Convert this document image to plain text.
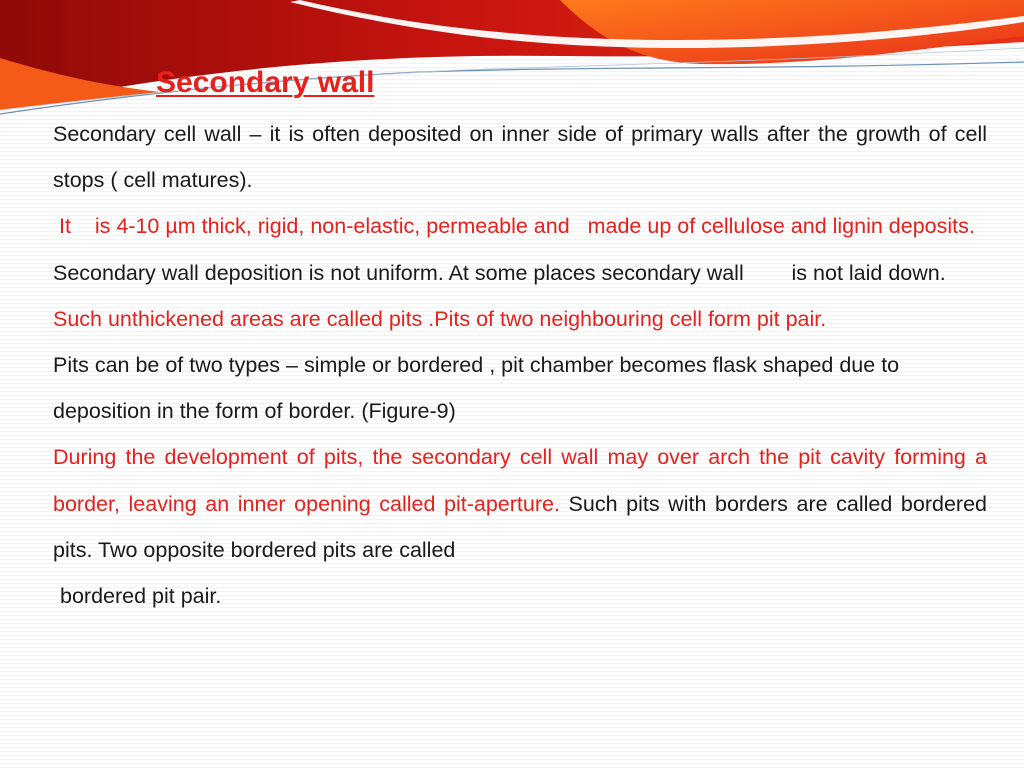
Secondary wall

Secondary cell wall – it is often deposited on inner side of primary walls after the growth of cell stops ( cell matures).

It    is 4-10 µm thick, rigid, non-elastic, permeable and   made up of cellulose and lignin deposits.

Secondary wall deposition is not uniform. At some places secondary wall        is not laid down.

Such unthickened areas are called pits .Pits of two neighbouring cell form pit pair.

Pits can be of two types – simple or bordered , pit chamber becomes flask shaped due to deposition in the form of border. (Figure-9)

During the development of pits, the secondary cell wall may over arch the pit cavity forming a border, leaving an inner opening called pit-aperture. Such pits with borders are called bordered pits. Two opposite bordered pits are called

bordered pit pair.
